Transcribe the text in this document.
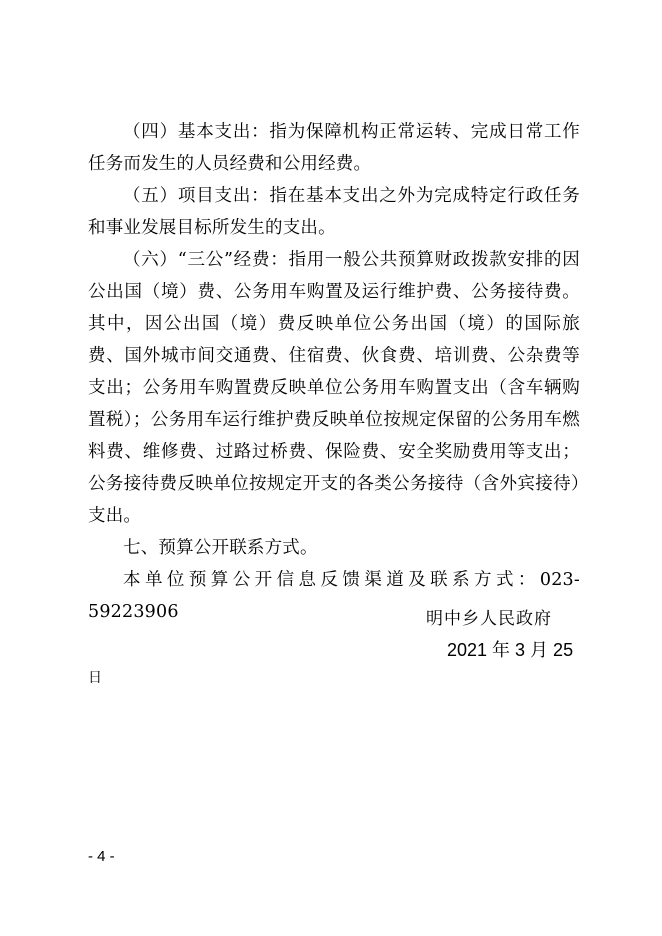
（四）基本支出：指为保障机构正常运转、完成日常工作任务而发生的人员经费和公用经费。

（五）项目支出：指在基本支出之外为完成特定行政任务和事业发展目标所发生的支出。

（六）“三公”经费：指用一般公共预算财政拨款安排的因公出国（境）费、公务用车购置及运行维护费、公务接待费。其中，因公出国（境）费反映单位公务出国（境）的国际旅费、国外城市间交通费、住宿费、伙食费、培训费、公杂费等支出；公务用车购置费反映单位公务用车购置支出（含车辆购置税）；公务用车运行维护费反映单位按规定保留的公务用车燃料费、维修费、过路过桥费、保险费、安全奖励费用等支出；公务接待费反映单位按规定开支的各类公务接待（含外宾接待）支出。

七、预算公开联系方式。

本单位预算公开信息反馈渠道及联系方式：023-59223906	明中乡人民政府
2021 年 3 月 25
日
- 4 -
